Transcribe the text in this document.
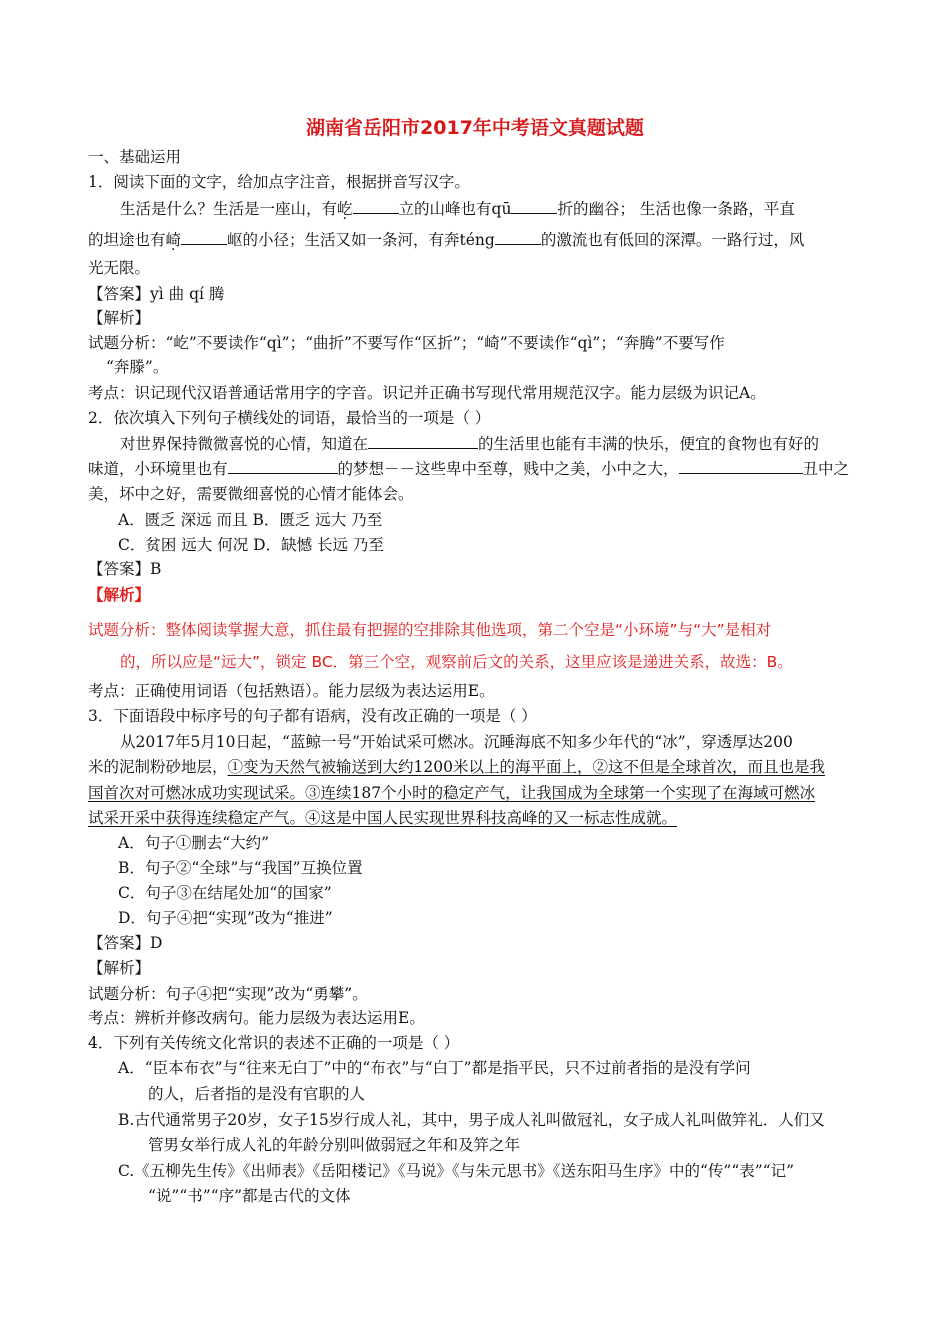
湖南省岳阳市2017年中考语文真题试题
一、基础运用
1．阅读下面的文字，给加点字注音，根据拼音写汉字。
生活是什么？生活是一座山，有屹	立的山峰也有qū	折的幽谷； 生活也像一条路，平直
的坦途也有崎	岖的小径；生活又如一条河，有奔téng	的激流也有低回的深潭。一路行过，风
光无限。
【答案】yì 曲 qí 腾
【解析】
试题分析：“屹”不要读作“qì”；“曲折”不要写作“区折”；“崎”不要读作“qì”；“奔腾”不要写作
“奔滕”。
考点：识记现代汉语普通话常用字的字音。识记并正确书写现代常用规范汉字。能力层级为识记A。
2．依次填入下列句子横线处的词语，最恰当的一项是（ ）
对世界保持微微喜悦的心情，知道在	的生活里也能有丰满的快乐，便宜的食物也有好的
味道，小环境里也有	的梦想－－这些卑中至尊，贱中之美，小中之大，	丑中之
美，坏中之好，需要微细喜悦的心情才能体会。
A．匮乏 深远 而且 B．匮乏 远大 乃至
C．贫困 远大 何况 D．缺憾 长远 乃至
【答案】B
【解析】
试题分析：整体阅读掌握大意，抓住最有把握的空排除其他选项，第二个空是“小环境”与“大”是相对
的，所以应是“远大”，锁定 BC．第三个空，观察前后文的关系，这里应该是递进关系，故选：B。
考点：正确使用词语（包括熟语）。能力层级为表达运用E。
3．下面语段中标序号的句子都有语病，没有改正确的一项是（ ）
从2017年5月10日起，“蓝鲸一号”开始试采可燃冰。沉睡海底不知多少年代的“冰”，穿透厚达200
米的泥制粉砂地层，①变为天然气被输送到大约1200米以上的海平面上，②这不但是全球首次，而且也是我
国首次对可燃冰成功实现试采。③连续187个小时的稳定产气，让我国成为全球第一个实现了在海域可燃冰
试采开采中获得连续稳定产气。④这是中国人民实现世界科技高峰的又一标志性成就。
A．句子①删去“大约”
B．句子②“全球”与“我国”互换位置
C．句子③在结尾处加“的国家”
D．句子④把“实现”改为“推进”
【答案】D
【解析】
试题分析：句子④把“实现”改为“勇攀”。
考点：辨析并修改病句。能力层级为表达运用E。
4．下列有关传统文化常识的表述不正确的一项是（ ）
A．“臣本布衣”与“往来无白丁”中的“布衣”与“白丁”都是指平民，只不过前者指的是没有学问
的人，后者指的是没有官职的人
B.古代通常男子20岁，女子15岁行成人礼，其中，男子成人礼叫做冠礼，女子成人礼叫做笄礼．人们又
管男女举行成人礼的年龄分别叫做弱冠之年和及笄之年
C.《五柳先生传》《出师表》《岳阳楼记》《马说》《与朱元思书》《送东阳马生序》中的“传”“表”“记”
“说”“书”“序”都是古代的文体
